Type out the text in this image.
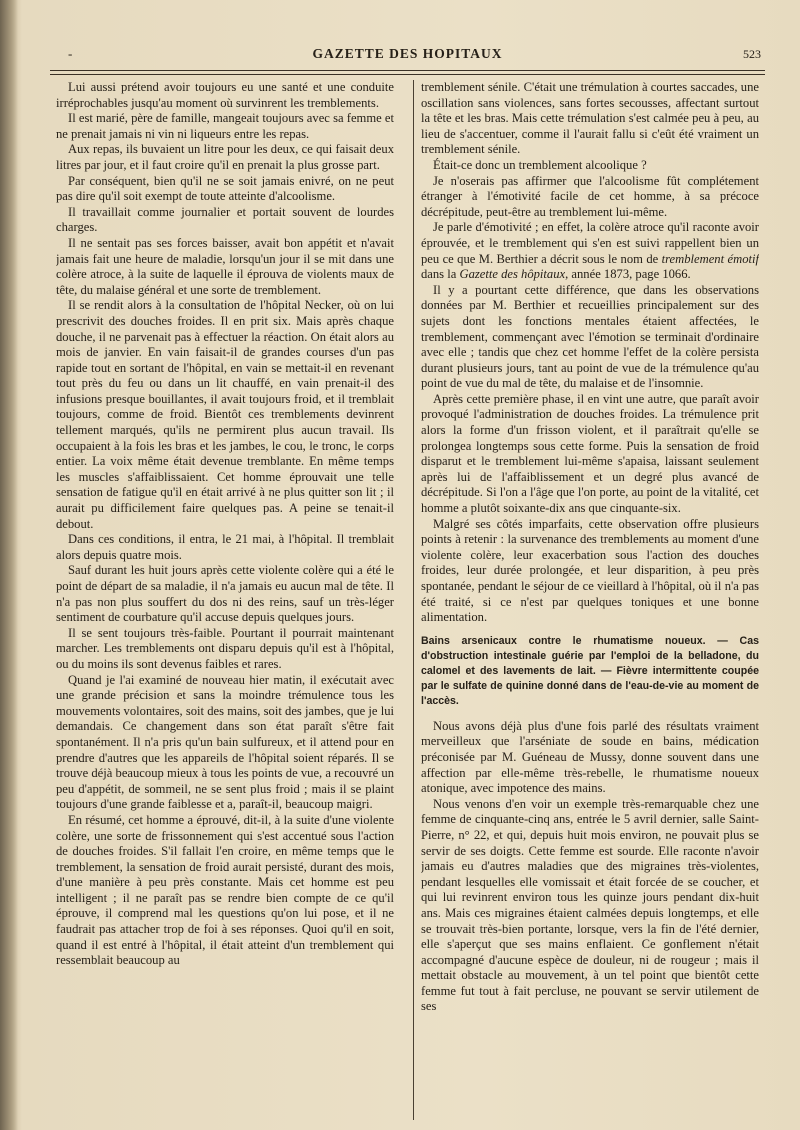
-	GAZETTE DES HOPITAUX	523

Lui aussi prétend avoir toujours eu une santé et une conduite irréprochables jusqu'au moment où survinrent les tremblements.

Il est marié, père de famille, mangeait toujours avec sa femme et ne prenait jamais ni vin ni liqueurs entre les repas.

Aux repas, ils buvaient un litre pour les deux, ce qui faisait deux litres par jour, et il faut croire qu'il en prenait la plus grosse part.

Par conséquent, bien qu'il ne se soit jamais enivré, on ne peut pas dire qu'il soit exempt de toute atteinte d'alcoolisme.

Il travaillait comme journalier et portait souvent de lourdes charges.

Il ne sentait pas ses forces baisser, avait bon appétit et n'avait jamais fait une heure de maladie, lorsqu'un jour il se mit dans une colère atroce, à la suite de laquelle il éprouva de violents maux de tête, du malaise général et une sorte de tremblement.

Il se rendit alors à la consultation de l'hôpital Necker, où on lui prescrivit des douches froides. Il en prit six. Mais après chaque douche, il ne parvenait pas à effectuer la réaction. On était alors au mois de janvier. En vain faisait-il de grandes courses d'un pas rapide tout en sortant de l'hôpital, en vain se mettait-il en revenant tout près du feu ou dans un lit chauffé, en vain prenait-il des infusions presque bouillantes, il avait toujours froid, et il tremblait toujours, comme de froid. Bientôt ces tremblements devinrent tellement marqués, qu'ils ne permirent plus aucun travail. Ils occupaient à la fois les bras et les jambes, le cou, le tronc, le corps entier. La voix même était devenue tremblante. En même temps les muscles s'affaiblissaient. Cet homme éprouvait une telle sensation de fatigue qu'il en était arrivé à ne plus quitter son lit ; il aurait pu difficilement faire quelques pas. A peine se tenait-il debout.

Dans ces conditions, il entra, le 21 mai, à l'hôpital. Il tremblait alors depuis quatre mois.

Sauf durant les huit jours après cette violente colère qui a été le point de départ de sa maladie, il n'a jamais eu aucun mal de tête. Il n'a pas non plus souffert du dos ni des reins, sauf un très-léger sentiment de courbature qu'il accuse depuis quelques jours.

Il se sent toujours très-faible. Pourtant il pourrait maintenant marcher. Les tremblements ont disparu depuis qu'il est à l'hôpital, ou du moins ils sont devenus faibles et rares.

Quand je l'ai examiné de nouveau hier matin, il exécutait avec une grande précision et sans la moindre trémulence tous les mouvements volontaires, soit des mains, soit des jambes, que je lui demandais. Ce changement dans son état paraît s'être fait spontanément. Il n'a pris qu'un bain sulfureux, et il attend pour en prendre d'autres que les appareils de l'hôpital soient réparés. Il se trouve déjà beaucoup mieux à tous les points de vue, a recouvré un peu d'appétit, de sommeil, ne se sent plus froid ; mais il se plaint toujours d'une grande faiblesse et a, paraît-il, beaucoup maigri.

En résumé, cet homme a éprouvé, dit-il, à la suite d'une violente colère, une sorte de frissonnement qui s'est accentué sous l'action de douches froides. S'il fallait l'en croire, en même temps que le tremblement, la sensation de froid aurait persisté, durant des mois, d'une manière à peu près constante. Mais cet homme est peu intelligent ; il ne paraît pas se rendre bien compte de ce qu'il éprouve, il comprend mal les questions qu'on lui pose, et il ne faudrait pas attacher trop de foi à ses réponses. Quoi qu'il en soit, quand il est entré à l'hôpital, il était atteint d'un tremblement qui ressemblait beaucoup au

tremblement sénile. C'était une trémulation à courtes saccades, une oscillation sans violences, sans fortes secousses, affectant surtout la tête et les bras. Mais cette trémulation s'est calmée peu à peu, au lieu de s'accentuer, comme il l'aurait fallu si c'eût été vraiment un tremblement sénile.

Était-ce donc un tremblement alcoolique ?

Je n'oserais pas affirmer que l'alcoolisme fût complétement étranger à l'émotivité facile de cet homme, à sa précoce décrépitude, peut-être au tremblement lui-même.

Je parle d'émotivité ; en effet, la colère atroce qu'il raconte avoir éprouvée, et le tremblement qui s'en est suivi rappellent bien un peu ce que M. Berthier a décrit sous le nom de tremblement émotif dans la Gazette des hôpitaux, année 1873, page 1066.

Il y a pourtant cette différence, que dans les observations données par M. Berthier et recueillies principalement sur des sujets dont les fonctions mentales étaient affectées, le tremblement, commençant avec l'émotion se terminait d'ordinaire avec elle ; tandis que chez cet homme l'effet de la colère persista durant plusieurs jours, tant au point de vue de la trémulence qu'au point de vue du mal de tête, du malaise et de l'insomnie.

Après cette première phase, il en vint une autre, que paraît avoir provoqué l'administration de douches froides. La trémulence prit alors la forme d'un frisson violent, et il paraîtrait qu'elle se prolongea longtemps sous cette forme. Puis la sensation de froid disparut et le tremblement lui-même s'apaisa, laissant seulement après lui de l'affaiblissement et un degré plus avancé de décrépitude. Si l'on a l'âge que l'on porte, au point de la vitalité, cet homme a plutôt soixante-dix ans que cinquante-six.

Malgré ses côtés imparfaits, cette observation offre plusieurs points à retenir : la survenance des tremblements au moment d'une violente colère, leur exacerbation sous l'action des douches froides, leur durée prolongée, et leur disparition, à peu près spontanée, pendant le séjour de ce vieillard à l'hôpital, où il n'a pas été traité, si ce n'est par quelques toniques et une bonne alimentation.

Bains arsenicaux contre le rhumatisme noueux. — Cas d'obstruction intestinale guérie par l'emploi de la belladone, du calomel et des lavements de lait. — Fièvre intermittente coupée par le sulfate de quinine donné dans de l'eau-de-vie au moment de l'accès.

Nous avons déjà plus d'une fois parlé des résultats vraiment merveilleux que l'arséniate de soude en bains, médication préconisée par M. Guéneau de Mussy, donne souvent dans une affection par elle-même très-rebelle, le rhumatisme noueux atonique, avec impotence des mains.

Nous venons d'en voir un exemple très-remarquable chez une femme de cinquante-cinq ans, entrée le 5 avril dernier, salle Saint-Pierre, n° 22, et qui, depuis huit mois environ, ne pouvait plus se servir de ses doigts. Cette femme est sourde. Elle raconte n'avoir jamais eu d'autres maladies que des migraines très-violentes, pendant lesquelles elle vomissait et était forcée de se coucher, et qui lui revinrent environ tous les quinze jours pendant dix-huit ans. Mais ces migraines étaient calmées depuis longtemps, et elle se trouvait très-bien portante, lorsque, vers la fin de l'été dernier, elle s'aperçut que ses mains enflaient. Ce gonflement n'était accompagné d'aucune espèce de douleur, ni de rougeur ; mais il mettait obstacle au mouvement, à un tel point que bientôt cette femme fut tout à fait percluse, ne pouvant se servir utilement de ses
